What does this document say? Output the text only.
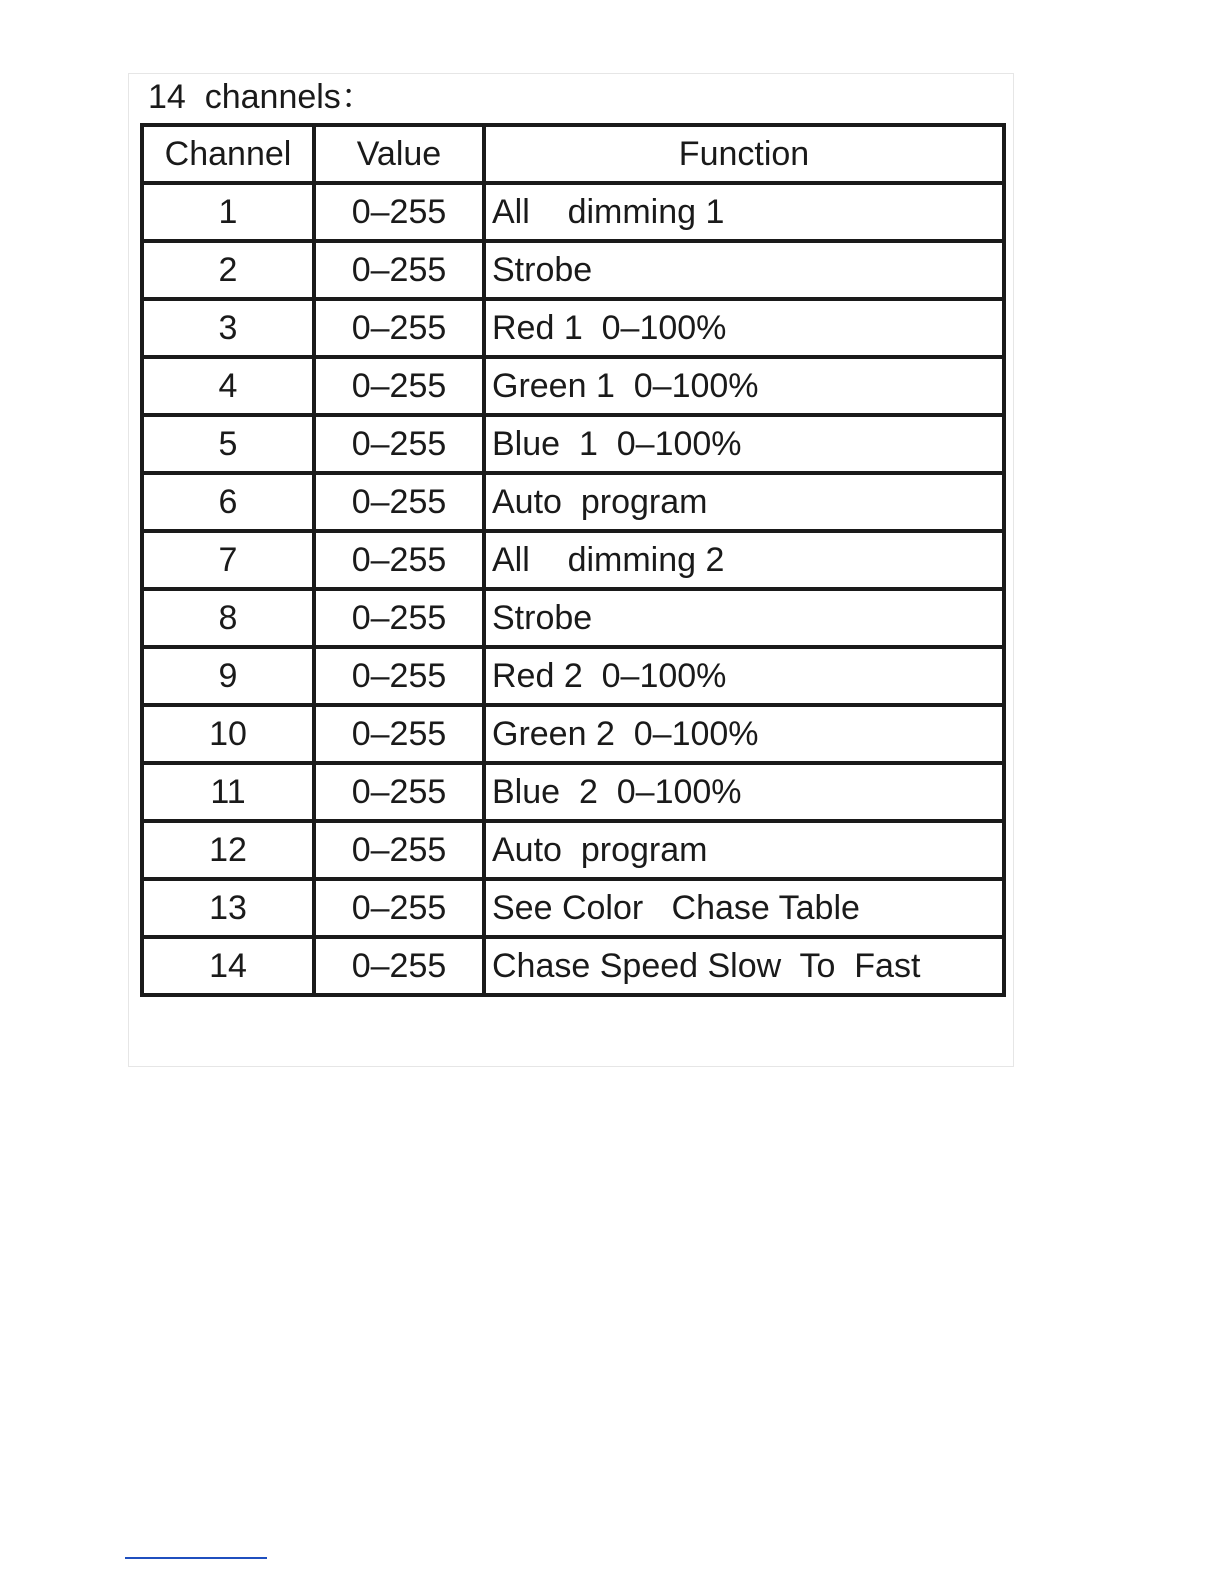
14  channels：
Channel	Value	Function
1	0–255	All    dimming 1
2	0–255	Strobe
3	0–255	Red 1  0–100%
4	0–255	Green 1  0–100%
5	0–255	Blue  1  0–100%
6	0–255	Auto  program
7	0–255	All    dimming 2
8	0–255	Strobe
9	0–255	Red 2  0–100%
10	0–255	Green 2  0–100%
11	0–255	Blue  2  0–100%
12	0–255	Auto  program
13	0–255	See Color   Chase Table
14	0–255	Chase Speed Slow  To  Fast
